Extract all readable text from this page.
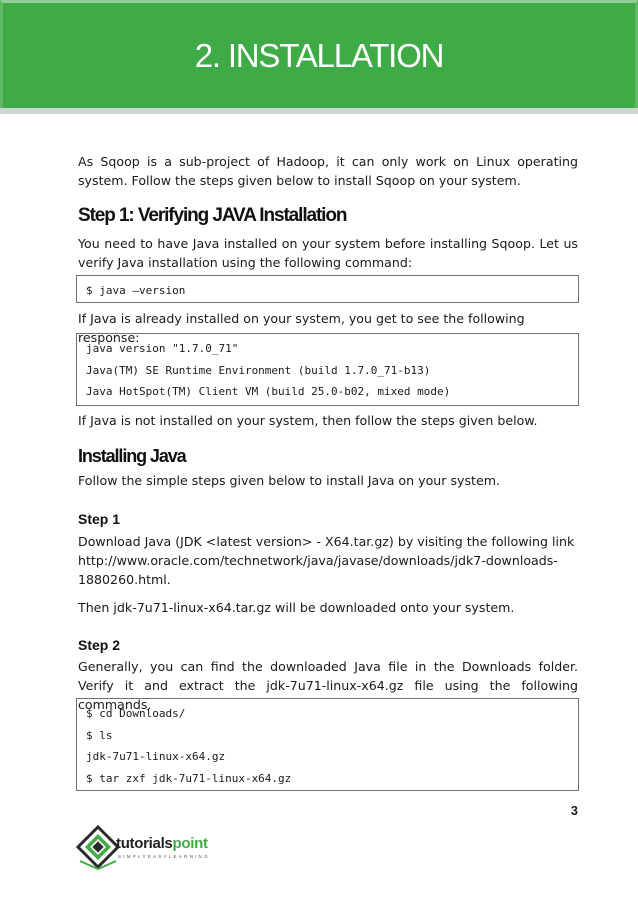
2. INSTALLATION

As Sqoop is a sub-project of Hadoop, it can only work on Linux operating system. Follow the steps given below to install Sqoop on your system.

Step 1: Verifying JAVA Installation

You need to have Java installed on your system before installing Sqoop. Let us verify Java installation using the following command:

$ java –version

If Java is already installed on your system, you get to see the following response:

java version "1.7.0_71"
Java(TM) SE Runtime Environment (build 1.7.0_71-b13)
Java HotSpot(TM) Client VM (build 25.0-b02, mixed mode)

If Java is not installed on your system, then follow the steps given below.

Installing Java

Follow the simple steps given below to install Java on your system.

Step 1
Download Java (JDK <latest version> - X64.tar.gz) by visiting the following link
http://www.oracle.com/technetwork/java/javase/downloads/jdk7-downloads-
1880260.html.

Then jdk-7u71-linux-x64.tar.gz will be downloaded onto your system.

Step 2

Generally, you can find the downloaded Java file in the Downloads folder. Verify it and extract the jdk-7u71-linux-x64.gz file using the following commands.

$ cd Downloads/
$ ls
jdk-7u71-linux-x64.gz
$ tar zxf jdk-7u71-linux-x64.gz
3
tutorialspoint
SIMPLYEASYLEARNING
